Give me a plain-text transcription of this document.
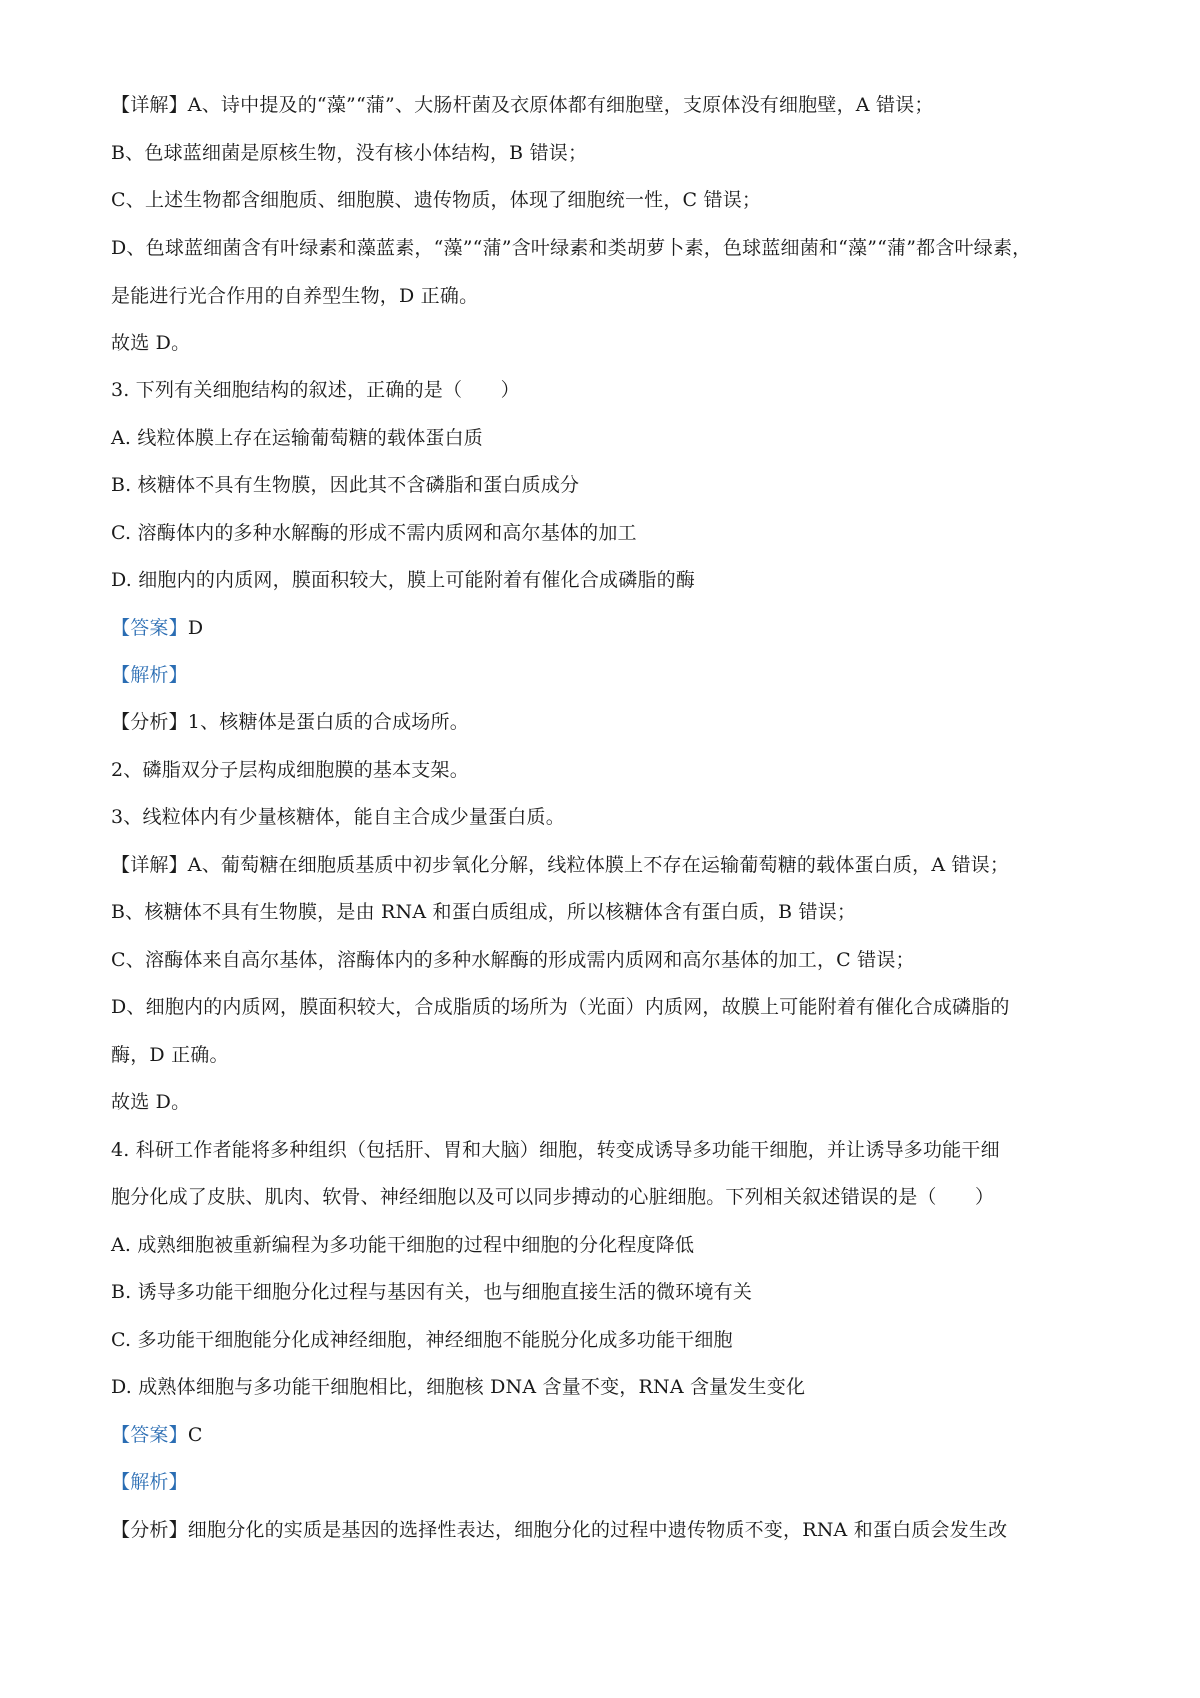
【详解】A、诗中提及的“藻”“蒲”、大肠杆菌及衣原体都有细胞壁，支原体没有细胞壁，A 错误；
B、色球蓝细菌是原核生物，没有核小体结构，B 错误；
C、上述生物都含细胞质、细胞膜、遗传物质，体现了细胞统一性，C 错误；
D、色球蓝细菌含有叶绿素和藻蓝素，“藻”“蒲”含叶绿素和类胡萝卜素，色球蓝细菌和“藻”“蒲”都含叶绿素，
是能进行光合作用的自养型生物，D 正确。
故选 D。
3. 下列有关细胞结构的叙述，正确的是（　　）
A. 线粒体膜上存在运输葡萄糖的载体蛋白质
B. 核糖体不具有生物膜，因此其不含磷脂和蛋白质成分
C. 溶酶体内的多种水解酶的形成不需内质网和高尔基体的加工
D. 细胞内的内质网，膜面积较大，膜上可能附着有催化合成磷脂的酶
【答案】D
【解析】
【分析】1、核糖体是蛋白质的合成场所。
2、磷脂双分子层构成细胞膜的基本支架。
3、线粒体内有少量核糖体，能自主合成少量蛋白质。
【详解】A、葡萄糖在细胞质基质中初步氧化分解，线粒体膜上不存在运输葡萄糖的载体蛋白质，A 错误；
B、核糖体不具有生物膜，是由 RNA 和蛋白质组成，所以核糖体含有蛋白质，B 错误；
C、溶酶体来自高尔基体，溶酶体内的多种水解酶的形成需内质网和高尔基体的加工，C 错误；
D、细胞内的内质网，膜面积较大，合成脂质的场所为（光面）内质网，故膜上可能附着有催化合成磷脂的
酶，D 正确。
故选 D。
4. 科研工作者能将多种组织（包括肝、胃和大脑）细胞，转变成诱导多功能干细胞，并让诱导多功能干细
胞分化成了皮肤、肌肉、软骨、神经细胞以及可以同步搏动的心脏细胞。下列相关叙述错误的是（　　）
A. 成熟细胞被重新编程为多功能干细胞的过程中细胞的分化程度降低
B. 诱导多功能干细胞分化过程与基因有关，也与细胞直接生活的微环境有关
C. 多功能干细胞能分化成神经细胞，神经细胞不能脱分化成多功能干细胞
D. 成熟体细胞与多功能干细胞相比，细胞核 DNA 含量不变，RNA 含量发生变化
【答案】C
【解析】
【分析】细胞分化的实质是基因的选择性表达，细胞分化的过程中遗传物质不变，RNA 和蛋白质会发生改
